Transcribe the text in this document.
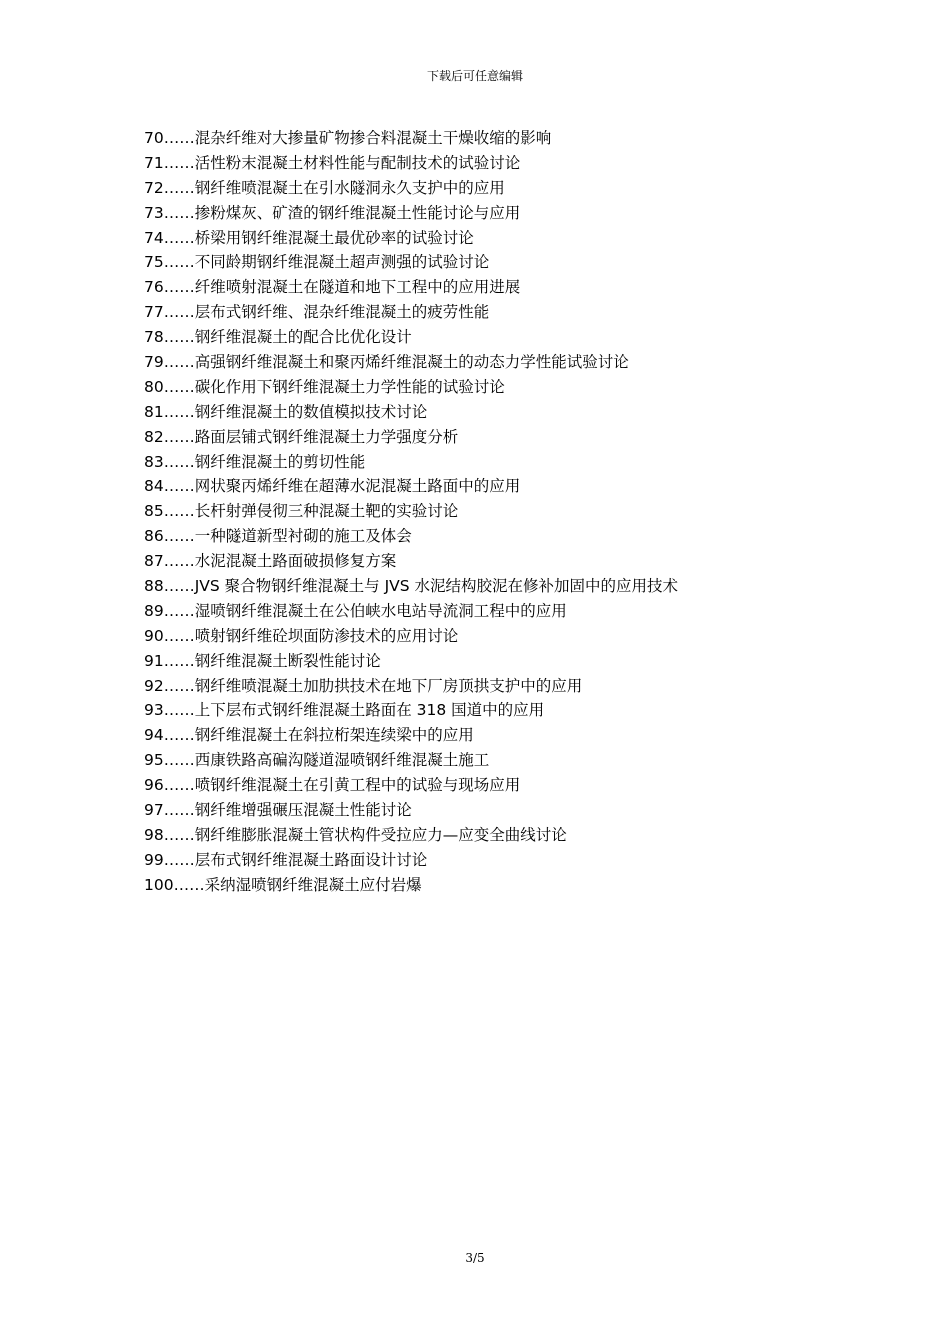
下载后可任意编辑
70……混杂纤维对大掺量矿物掺合料混凝土干燥收缩的影响
71……活性粉末混凝土材料性能与配制技术的试验讨论
72……钢纤维喷混凝土在引水隧洞永久支护中的应用
73……掺粉煤灰、矿渣的钢纤维混凝土性能讨论与应用
74……桥梁用钢纤维混凝土最优砂率的试验讨论
75……不同龄期钢纤维混凝土超声测强的试验讨论
76……纤维喷射混凝土在隧道和地下工程中的应用进展
77……层布式钢纤维、混杂纤维混凝土的疲劳性能
78……钢纤维混凝土的配合比优化设计
79……高强钢纤维混凝土和聚丙烯纤维混凝土的动态力学性能试验讨论
80……碳化作用下钢纤维混凝土力学性能的试验讨论
81……钢纤维混凝土的数值模拟技术讨论
82……路面层铺式钢纤维混凝土力学强度分析
83……钢纤维混凝土的剪切性能
84……网状聚丙烯纤维在超薄水泥混凝土路面中的应用
85……长杆射弹侵彻三种混凝土靶的实验讨论
86……一种隧道新型衬砌的施工及体会
87……水泥混凝土路面破损修复方案
88……JVS 聚合物钢纤维混凝土与 JVS 水泥结构胶泥在修补加固中的应用技术
89……湿喷钢纤维混凝土在公伯峡水电站导流洞工程中的应用
90……喷射钢纤维砼坝面防渗技术的应用讨论
91……钢纤维混凝土断裂性能讨论
92……钢纤维喷混凝土加肋拱技术在地下厂房顶拱支护中的应用
93……上下层布式钢纤维混凝土路面在 318 国道中的应用
94……钢纤维混凝土在斜拉桁架连续梁中的应用
95……西康铁路高碥沟隧道湿喷钢纤维混凝土施工
96……喷钢纤维混凝土在引黄工程中的试验与现场应用
97……钢纤维增强碾压混凝土性能讨论
98……钢纤维膨胀混凝土管状构件受拉应力—应变全曲线讨论
99……层布式钢纤维混凝土路面设计讨论
100……采纳湿喷钢纤维混凝土应付岩爆
3/5
